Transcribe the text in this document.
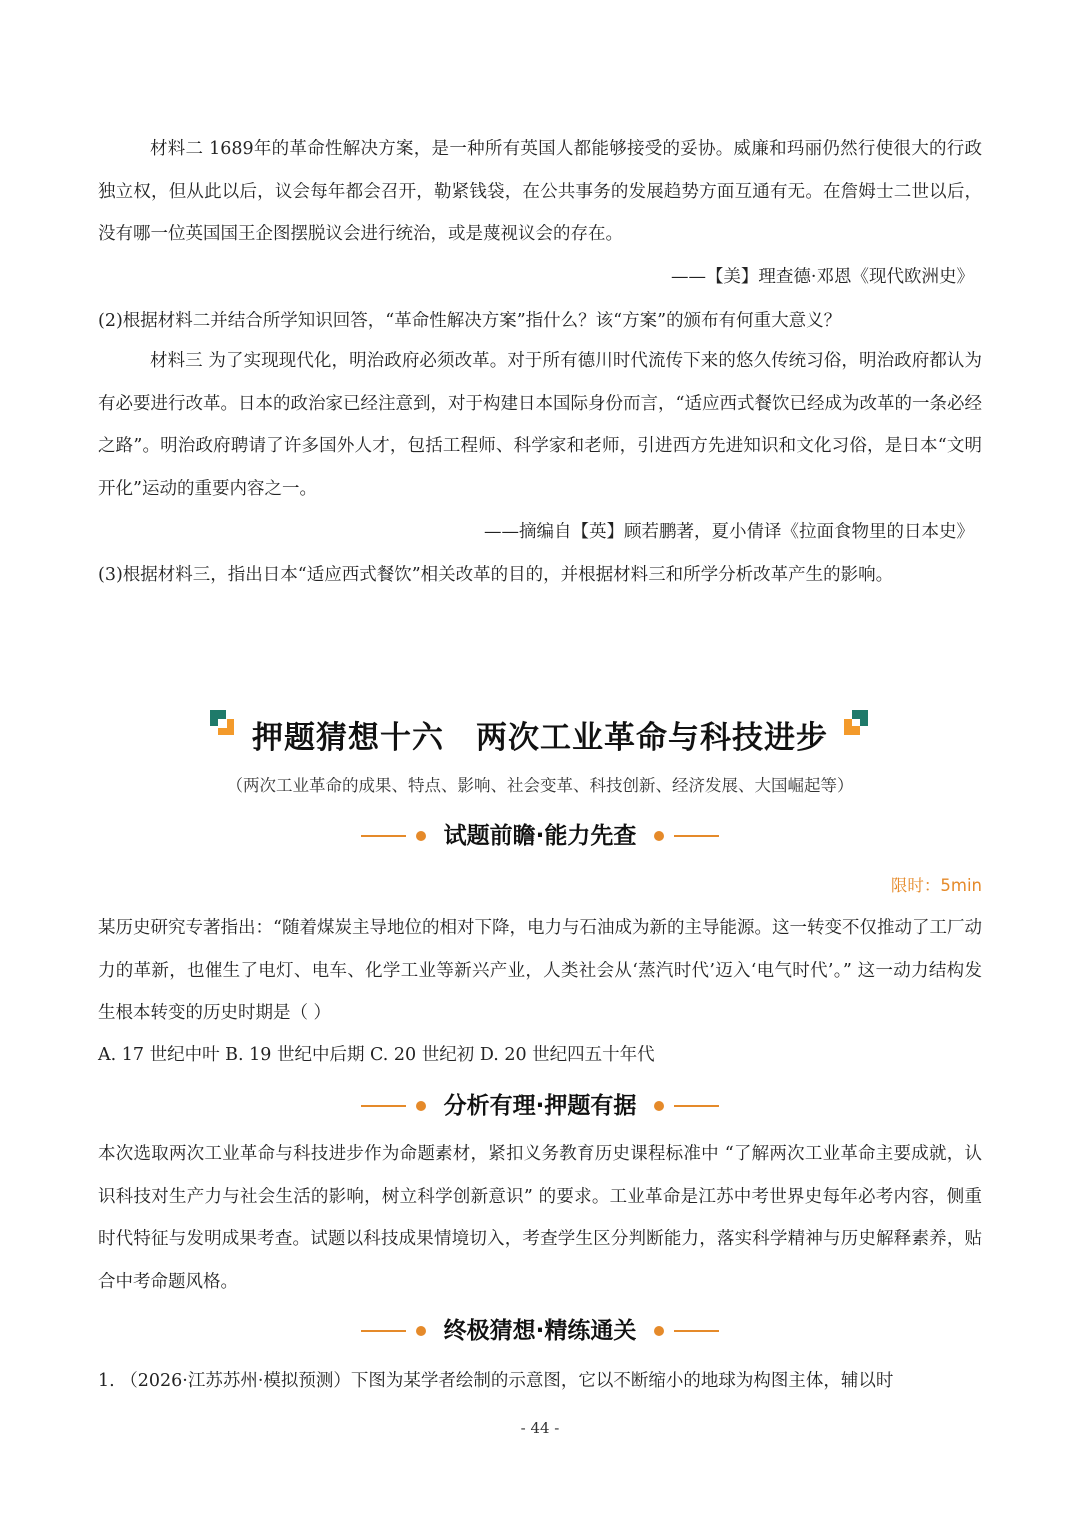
材料二 1689年的革命性解决方案，是一种所有英国人都能够接受的妥协。威廉和玛丽仍然行使很大的行政独立权，但从此以后，议会每年都会召开，勒紧钱袋，在公共事务的发展趋势方面互通有无。在詹姆士二世以后，没有哪一位英国国王企图摆脱议会进行统治，或是蔑视议会的存在。

——【美】理查德·邓恩《现代欧洲史》

(2)根据材料二并结合所学知识回答，“革命性解决方案”指什么？该“方案”的颁布有何重大意义？

材料三 为了实现现代化，明治政府必须改革。对于所有德川时代流传下来的悠久传统习俗，明治政府都认为有必要进行改革。日本的政治家已经注意到，对于构建日本国际身份而言，“适应西式餐饮已经成为改革的一条必经之路”。明治政府聘请了许多国外人才，包括工程师、科学家和老师，引进西方先进知识和文化习俗，是日本“文明开化”运动的重要内容之一。

——摘编自【英】顾若鹏著，夏小倩译《拉面食物里的日本史》

(3)根据材料三，指出日本“适应西式餐饮”相关改革的目的，并根据材料三和所学分析改革产生的影响。

押题猜想十六　两次工业革命与科技进步

（两次工业革命的成果、特点、影响、社会变革、科技创新、经济发展、大国崛起等）

试题前瞻·能力先查

限时：5min

某历史研究专著指出：“随着煤炭主导地位的相对下降，电力与石油成为新的主导能源。这一转变不仅推动了工厂动力的革新，也催生了电灯、电车、化学工业等新兴产业，人类社会从‘蒸汽时代’迈入‘电气时代’。” 这一动力结构发生根本转变的历史时期是（ ）

A. 17 世纪中叶 B. 19 世纪中后期 C. 20 世纪初 D. 20 世纪四五十年代

分析有理·押题有据

本次选取两次工业革命与科技进步作为命题素材，紧扣义务教育历史课程标准中 “了解两次工业革命主要成就，认识科技对生产力与社会生活的影响，树立科学创新意识” 的要求。工业革命是江苏中考世界史每年必考内容，侧重时代特征与发明成果考查。试题以科技成果情境切入，考查学生区分判断能力，落实科学精神与历史解释素养，贴合中考命题风格。

终极猜想·精练通关

1. （2026·江苏苏州·模拟预测）下图为某学者绘制的示意图，它以不断缩小的地球为构图主体，辅以时

- 44 -
